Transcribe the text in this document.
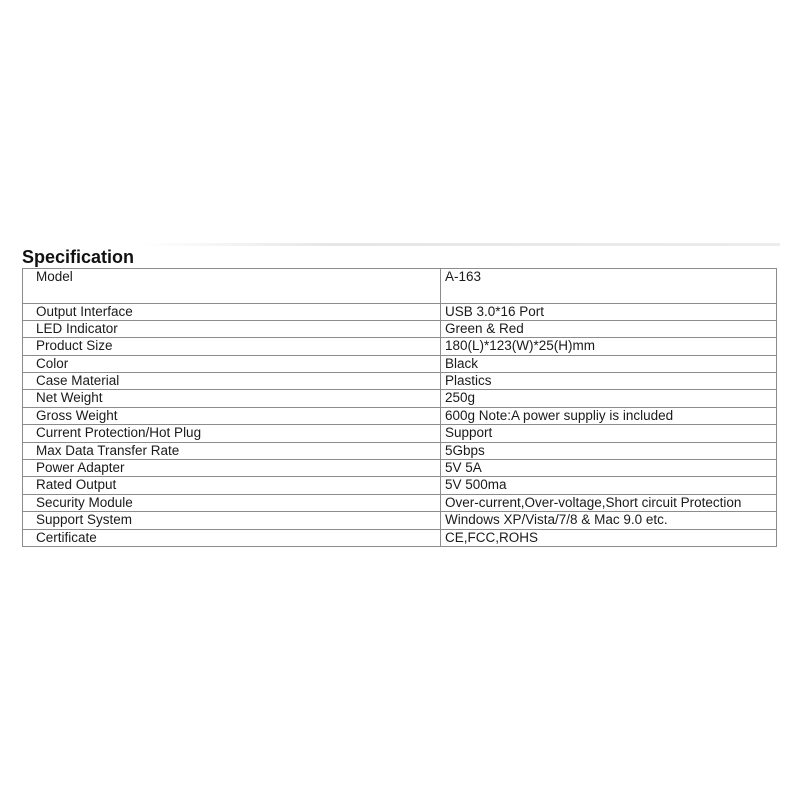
Specification
Model	A-163
Output Interface	USB 3.0*16 Port
LED Indicator	Green & Red
Product Size	180(L)*123(W)*25(H)mm
Color	Black
Case Material	Plastics
Net Weight	250g
Gross Weight	600g Note:A power suppliy is included
Current Protection/Hot Plug	Support
Max Data Transfer Rate	5Gbps
Power Adapter	5V 5A
Rated Output	5V 500ma
Security Module	Over-current,Over-voltage,Short circuit Protection
Support System	Windows XP/Vista/7/8 & Mac 9.0 etc.
Certificate	CE,FCC,ROHS
